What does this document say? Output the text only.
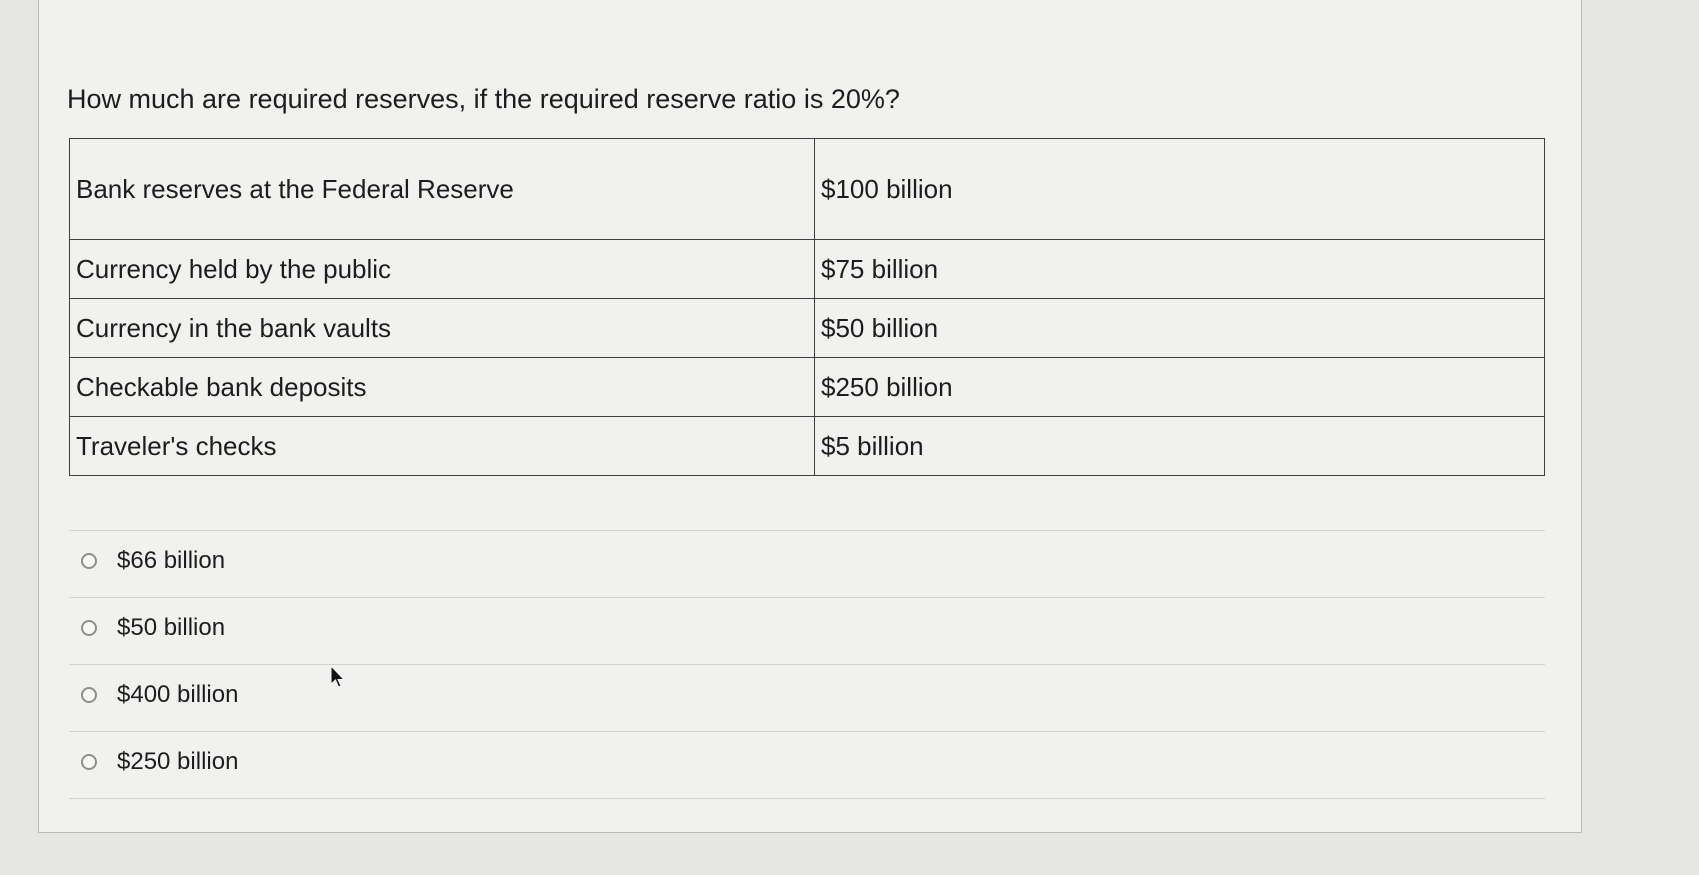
How much are required reserves, if the required reserve ratio is 20%?
Bank reserves at the Federal Reserve	$100 billion
Currency held by the public	$75 billion
Currency in the bank vaults	$50 billion
Checkable bank deposits	$250 billion
Traveler's checks	$5 billion
$66 billion
$50 billion
$400 billion
$250 billion
